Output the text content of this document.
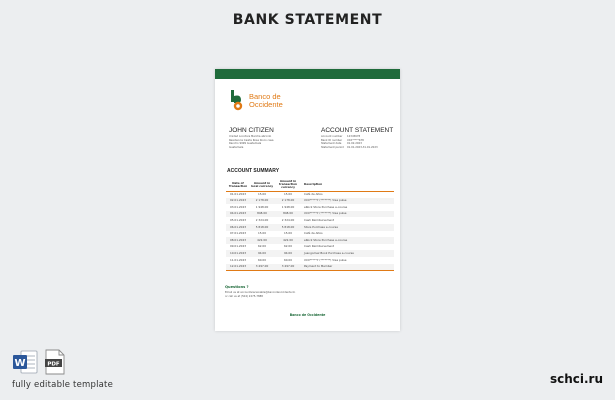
BANK STATEMENT
Banco de
Occidente
JOHN CITIZEN
Unidad Locotore Marcha abrindo
Residencia Casita Rosa bloco casa
Rancho 9999 Guatemala
Guatemala
ACCOUNT STATEMENT
Account number	12345678
Bank ID number	XXX*****678
Statement date	01.02.2023
Statement period	01.01.2023-31.01.2023
ACCOUNT SUMMARY
Date of Transaction	Amount in local currency	Amount in transaction currency	Description
01.01.2023	15.00	15.00	Café de Altos
02.01.2023	2 178.00	2 178.00	XXX*****7 (*******) Visa pulse
03.01.2023	1 948.00	1 948.00	eRock Store Purchase e-course
04.01.2023	848.00	848.00	XXX*****7 (*******) Visa pulse
05.01.2023	2 324.00	2 324.00	Cash Reimbursement
06.01.2023	5 818.00	5 818.00	Store Purchase e-course
07.01.2023	15.00	15.00	Café de Altos
08.01.2023	422.00	422.00	eRock Store Purchase e-course
09.01.2023	62.00	62.00	Cash Reimbursement
10.01.2023	94.00	94.00	Juangomez Book Purchase e-course
11.01.2023	60.00	60.00	XXX*****7 (*******) Visa pulse
12.01.2023	3 497.00	3 497.00	Payment to Member
Questions ?
Email us at accountsreceivable@bancodeoccidente.tn
or call us at (504) 2275-7888
Banco de Occidente
W	PDF
fully editable template	schci.ru
